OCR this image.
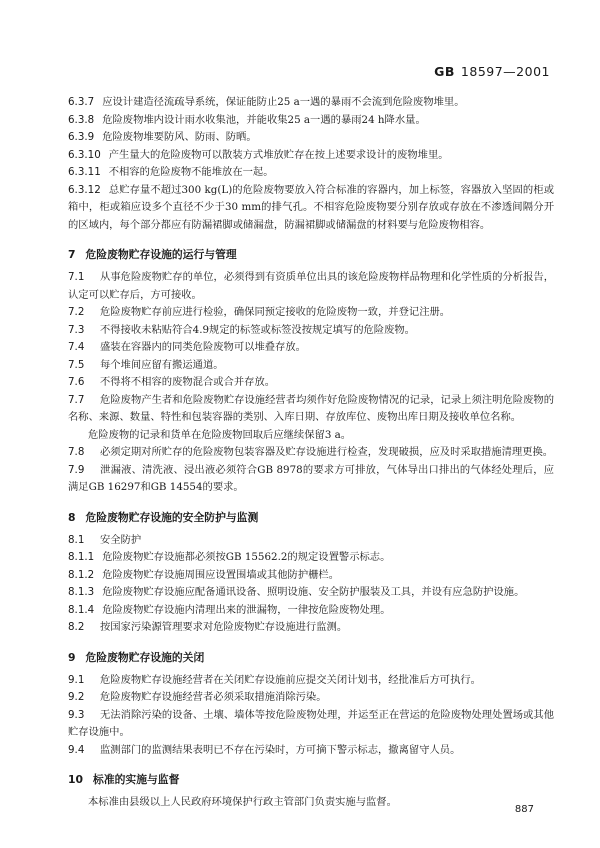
GB 18597—2001
6.3.7 应设计建造径流疏导系统，保证能防止25 a一遇的暴雨不会流到危险废物堆里。
6.3.8 危险废物堆内设计雨水收集池，并能收集25 a一遇的暴雨24 h降水量。
6.3.9 危险废物堆要防风、防雨、防晒。
6.3.10 产生量大的危险废物可以散装方式堆放贮存在按上述要求设计的废物堆里。
6.3.11 不相容的危险废物不能堆放在一起。
6.3.12 总贮存量不超过300 kg(L)的危险废物要放入符合标准的容器内，加上标签，容器放入坚固的柜或箱中，柜或箱应设多个直径不少于30 mm的排气孔。不相容危险废物要分别存放或存放在不渗透间隔分开的区域内，每个部分都应有防漏裙脚或储漏盘，防漏裙脚或储漏盘的材料要与危险废物相容。
7 危险废物贮存设施的运行与管理
7.1 从事危险废物贮存的单位，必须得到有资质单位出具的该危险废物样品物理和化学性质的分析报告，认定可以贮存后，方可接收。
7.2 危险废物贮存前应进行检验，确保同预定接收的危险废物一致，并登记注册。
7.3 不得接收未粘贴符合4.9规定的标签或标签没按规定填写的危险废物。
7.4 盛装在容器内的同类危险废物可以堆叠存放。
7.5 每个堆间应留有搬运通道。
7.6 不得将不相容的废物混合或合并存放。
7.7 危险废物产生者和危险废物贮存设施经营者均须作好危险废物情况的记录，记录上须注明危险废物的名称、来源、数量、特性和包装容器的类别、入库日期、存放库位、废物出库日期及接收单位名称。
危险废物的记录和货单在危险废物回取后应继续保留3 a。
7.8 必须定期对所贮存的危险废物包装容器及贮存设施进行检查，发现破损，应及时采取措施清理更换。
7.9 泄漏液、清洗液、浸出液必须符合GB 8978的要求方可排放，气体导出口排出的气体经处理后，应满足GB 16297和GB 14554的要求。
8 危险废物贮存设施的安全防护与监测
8.1 安全防护
8.1.1 危险废物贮存设施都必须按GB 15562.2的规定设置警示标志。
8.1.2 危险废物贮存设施周围应设置围墙或其他防护栅栏。
8.1.3 危险废物贮存设施应配备通讯设备、照明设施、安全防护服装及工具，并设有应急防护设施。
8.1.4 危险废物贮存设施内清理出来的泄漏物，一律按危险废物处理。
8.2 按国家污染源管理要求对危险废物贮存设施进行监测。
9 危险废物贮存设施的关闭
9.1 危险废物贮存设施经营者在关闭贮存设施前应提交关闭计划书，经批准后方可执行。
9.2 危险废物贮存设施经营者必须采取措施消除污染。
9.3 无法消除污染的设备、土壤、墙体等按危险废物处理，并运至正在营运的危险废物处理处置场或其他贮存设施中。
9.4 监测部门的监测结果表明已不存在污染时，方可摘下警示标志，撤离留守人员。
10 标准的实施与监督
本标准由县级以上人民政府环境保护行政主管部门负责实施与监督。
887
